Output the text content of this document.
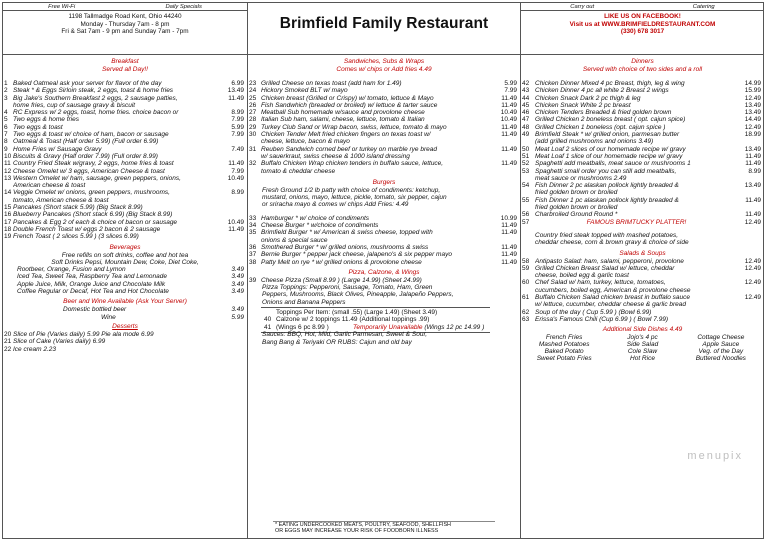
Free Wi-Fi	Daily Specials
1198 Tallmadge Road Kent, Ohio 44240
Monday - Thursday 7am - 8 pm
Fri & Sat 7am - 9 pm and Sunday 7am - 7pm	Brimfield Family Restaurant
Carry out	Catering
LIKE US ON FACEBOOK!
Visit us at WWW.BRIMFIELDRESTAURANT.COM
(330) 678 3017
Breakfast
Served all Day!!
1 Baked Oatmeal ask your server for flavor of the day	6.99
2 Steak * & Eggs Sirloin steak, 2 eggs, toast & home fries	13.49
3 Big Jake's Southern Breakfast 2 eggs, 2 sausage patties,	11.49
home fries, cup of sausage gravy & biscuit
4 RC Express w/ 2 eggs, toast, home fries. choice bacon or	8.99
5 Two eggs & home fries	7.99
6 Two eggs & toast	5.99
7 Two eggs & toast w/ choice of ham, bacon or sausage	7.99
8 Oatmeal & Toast (Half order 5.99) (Full order 6.99)
9 Home Fries w/ Sausage Gravy	7.49
10 Biscuits & Gravy (Half order 7.99) (Full order 8.99)
11 Country Fried Steak w/gravy, 2 eggs, home fries & toast	11.49
12 Cheese Omelet w/ 3 eggs, American Cheese & toast	7.99
13 Western Omelet w/ ham, sausage, green peppers, onions,	10.49
American cheese & toast
14 Veggie Omelet w/ onions, green peppers, mushrooms,	8.99
tomato, American cheese & toast
15 Pancakes (Short stack 5.99) (Big Stack 8.99)
16 Blueberry Pancakes (Short stack 6.99) (Big Stack 8.99)
17 Pancakes & Egg 2 of each & choice of bacon or sausage	10.49
18 Double French Toast w/ eggs 2 bacon & 2 sausage	11.49
19 French Toast ( 2 slices 5.99 ) (3 slices 6.99)
Beverages
Free refills on soft drinks, coffee and hot tea
Soft Drinks Pepsi, Mountain Dew, Coke, Diet Coke,
Rootbeer, Orange, Fusion and Lymon	3.49
Iced Tea, Sweet Tea, Raspberry Tea and Lemonade	3.49
Apple Juice, Milk, Orange Juice and Chocolate Milk	3.49
Coffee Regular or Decaf, Hot Tea and Hot Chocolate	3.49
Beer and Wine Available (Ask Your Server)
Domestic bottled beer	3.49
Wine	5.99
Desserts
20 Slice of Pie (Varies daily) 5.99 Pie ala mode 6.99
21 Slice of Cake (Varies daily) 6.99
22 Ice cream 2.23
Sandwiches, Subs & Wraps
Comes w/ chips or Add fries 4.49
23 Grilled Cheese on texas toast (add ham for 1.49)	5.99
24 Hickory Smoked BLT w/ mayo	7.99
25 Chicken breast (Grilled or Crispy) w/ tomato, lettuce & Mayo	11.49
26 Fish Sandwhich (breaded or broiled) w/ lettuce & tarter sauce	11.49
27 Meatball Sub homemade w/sauce and provolone cheese	10.49
28 Italian Sub ham, salami, cheese, lettuce, tomato & Italian	10.49
29 Turkey Club Sand or Wrap bacon, swiss, lettuce, tomato & mayo	11.49
30 Chicken Tender Melt fried chicken fingers on texas toast w/	11.49
cheese, lettuce, bacon & mayo
31 Reuben Sandwich corned beef or turkey on marble rye bread	11.49
w/ sauerkraut, swiss cheese & 1000 island dressing
32 Buffalo Chicken Wrap chicken tenders in buffalo sauce, lettuce,	11.49
tomato & cheddar cheese
Burgers
Fresh Ground 1/2 lb patty with choice of condiments: ketchup,
mustard, onions, mayo, lettuce, pickle, tomato, six pepper, cajun
or sriracha mayo & comes w/ chips Add Fries: 4.49
33 Hamburger * w/ choice of condiments	10.99
34 Cheese Burger * w/choice of condiments	11.49
35 Brimfield Burger * w/ American & swiss cheese, topped with	11.49
onions & special sauce
36 Smothered Burger * w/ grilled onions, mushrooms & swiss	11.49
37 Bernie Burger * pepper jack cheese, jalapeno's & six pepper mayo	11.49
38 Patty Melt on rye * w/ grilled onions & provolone cheese	11.49
Pizza, Calzone, & Wings
39 Cheese Pizza (Small 8.99 ) (Large 14.99) (Sheet 24.99)
Pizza Toppings: Pepperoni, Sausage, Tomato, Ham, Green
Peppers, Mushrooms, Black Olives, Pineapple, Jalapeño Peppers,
Onions and Banana Peppers
Toppings Per Item: (small .55) (Large 1.49) (Sheet 3.49)
40 Calzone w/ 2 toppings 11.49 (Additional toppings .99)
41 (Wings 6 pc 8.99 )	Temporarily Unavailable (Wings 12 pc 14.99 )
Sauces: BBQ, Hot, Mild, Garlic Parmesan, Sweet & Sour,
Bang Bang & Teriyaki OR RUBS: Cajun and old bay
* EATING UNDERCOOKED MEATS, POULTRY, SEAFOOD, SHELLFISH
OR EGGS MAY INCREASE YOUR RISK OF FOODBORN ILLNESS
Dinners
Served with choice of two sides and a roll
42 Chicken Dinner Mixed 4 pc Breast, thigh, leg & wing	14.99
43 Chicken Dinner 4 pc all white 2 Breast 2 wings	15.99
44 Chicken Snack Dark 2 pc thigh & leg	12.49
45 Chicken Snack White 2 pc breast	13.49
46 Chicken Tenders Breaded & fried golden brown	13.49
47 Grilled Chicken 2 boneless breast ( opt. cajun spice)	14.49
48 Grilled Chicken 1 boneless (opt. cajun spice )	12.49
49 Brimfield Steak * w/ grilled onion, parmesan butter	18.99
(add grilled mushrooms and onions 3.49)
50 Meat Loaf 2 slices of our homemade recipe w/ gravy	13.49
51 Meat Loaf 1 slice of our homemade recipe w/ gravy	11.49
52 Spaghetti add meatballs, meat sauce or mushrooms 1	11.49
53 Spaghetti small order you can still add meatballs,	8.99
meat sauce or mushrooms 2.49
54 Fish Dinner 2 pc alaskan pollock lightly breaded &	13.49
fried golden brown or broiled
55 Fish Dinner 1 pc alaskan pollock lightly breaded &	11.49
fried golden brown or broiled
56 Charbroiled Ground Round *	11.49
57	FAMOUS BRIMTUCKY PLATTER!	12.49
Country fried steak topped with mashed potatoes,
cheddar cheese, corn & brown gravy & choice of side
Salads & Soups
58 Antipasto Salad: ham, salami, pepperoni, provolone	12.49
59 Grilled Chicken Breast Salad w/ lettuce, cheddar	12.49
cheese, boiled egg & garlic toast
60 Chef Salad w/ ham, turkey, lettuce, tomatoes,	12.49
cucumbers, boiled egg, American & provolone cheese
61 Buffalo Chicken Salad chicken breast in buffalo sauce	12.49
w/ lettuce, cucumber, cheddar cheese & garlic bread
62 Soup of the day ( Cup 5.99 ) (Bowl 6.99)
63 Erissa's Famous Chili (Cup 6.99 ) ( Bowl 7.99)
Additional Side Dishes 4.49
French Fries	Jojo's 4 pc	Cottage Cheese
Mashed Potatoes	Side Salad	Apple Sauce
Baked Potato	Cole Slaw	Veg. of the Day
Sweet Potato Fries	Hot Rice	Buttered Noodles
menupix
